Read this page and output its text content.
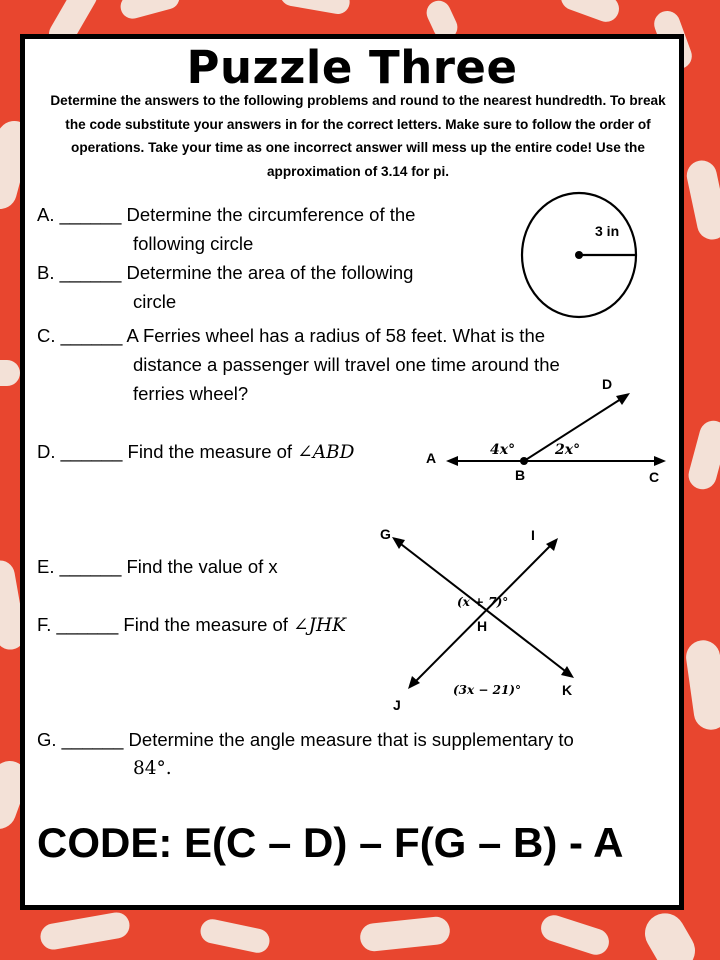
Puzzle Three
Determine the answers to the following problems and round to the nearest hundredth. To break the code substitute your answers in for the correct letters. Make sure to follow the order of operations. Take your time as one incorrect answer will mess up the entire code! Use the approximation of 3.14 for pi.
A. ______ Determine the circumference of the
following circle
B. ______ Determine the area of the following
circle
C. ______ A Ferries wheel has a radius of 58 feet. What is the
distance a passenger will travel one time around the
ferries wheel?
D. ______ Find the measure of ∠ABD
E. ______ Find the value of x
F. ______ Find the measure of ∠JHK
G. ______ Determine the angle measure that is supplementary to
84°.
3 in
A
B	C
D
4x°	2x°
G	I
H
J
K
(x + 7)°
(3x − 21)°
CODE: E(C – D) – F(G – B) - A
